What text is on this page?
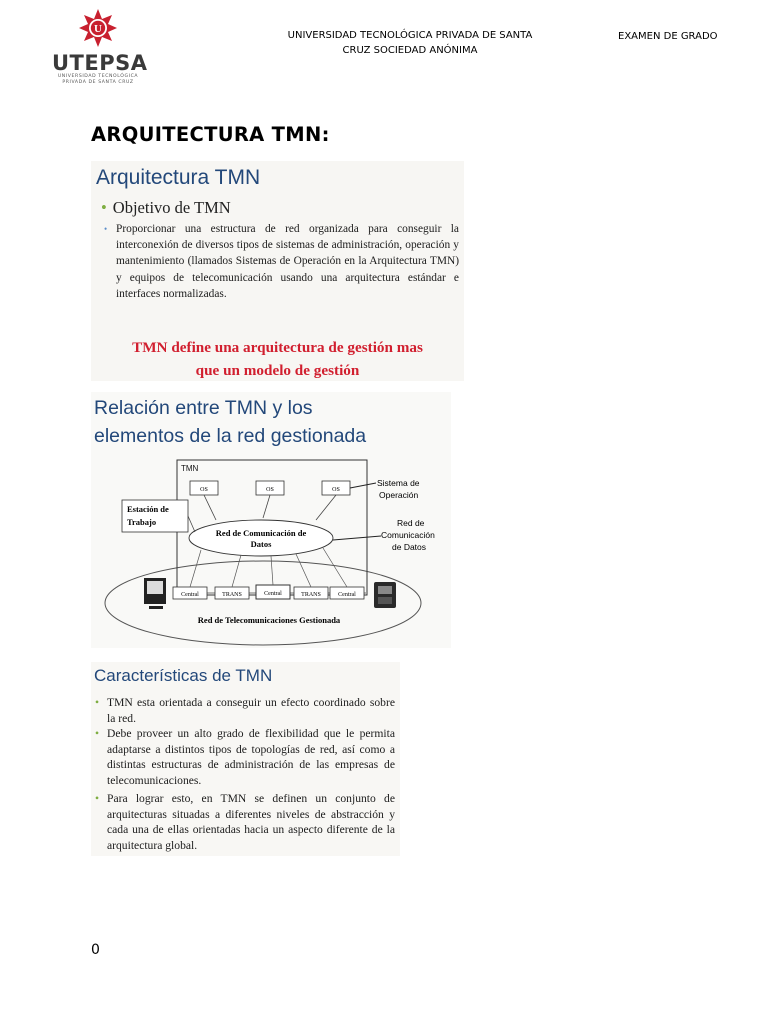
U
UTEPSA
UNIVERSIDAD TECNOLÓGICA
PRIVADA DE SANTA CRUZ
UNIVERSIDAD TECNOLÓGICA PRIVADA DE SANTA
CRUZ SOCIEDAD ANÓNIMA
EXAMEN DE GRADO
ARQUITECTURA TMN:
Arquitectura TMN
• Objetivo de TMN
• Proporcionar una estructura de red organizada para conseguir la interconexión de diversos tipos de sistemas de administración, operación y mantenimiento (llamados Sistemas de Operación en la Arquitectura TMN) y equipos de telecomunicación usando una arquitectura estándar e interfaces normalizadas.
TMN define una arquitectura de gestión mas
que un modelo de gestión
Relación entre TMN y los
elementos de la red gestionada
TMN
OS	OS	OS
Red de Comunicación de
Datos
Estación de
Trabajo
Sistema de
Operación
Red de
Comunicación
de Datos
Central	TRANS	Central	TRANS	Central
Red de Telecomunicaciones Gestionada
Características de TMN
• TMN esta orientada a conseguir un efecto coordinado sobre la red.
• Debe proveer un alto grado de flexibilidad que le permita adaptarse a distintos tipos de topologías de red, así como a distintas estructuras de administración de las empresas de telecomunicaciones.
• Para lograr esto, en TMN se definen un conjunto de arquitecturas situadas a diferentes niveles de abstracción y cada una de ellas orientadas hacia un aspecto diferente de la arquitectura global.
0
